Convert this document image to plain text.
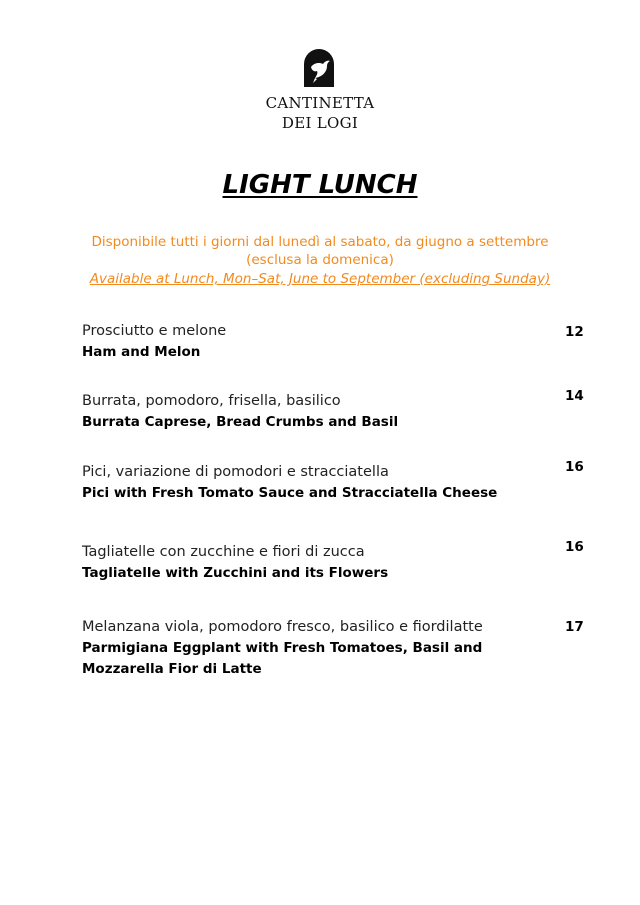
CANTINETTA
DEI LOGI
LIGHT LUNCH
Disponibile tutti i giorni dal lunedì al sabato, da giugno a settembre
(esclusa la domenica)
Available at Lunch, Mon–Sat, June to September (excluding Sunday)
Prosciutto e melone
Ham and Melon
12
Burrata, pomodoro, frisella, basilico
Burrata Caprese, Bread Crumbs and Basil
14
Pici, variazione di pomodori e stracciatella
Pici with Fresh Tomato Sauce and Stracciatella Cheese
16
Tagliatelle con zucchine e fiori di zucca
Tagliatelle with Zucchini and its Flowers
16
Melanzana viola, pomodoro fresco, basilico e fiordilatte
Parmigiana Eggplant with Fresh Tomatoes, Basil and Mozzarella Fior di Latte
17
